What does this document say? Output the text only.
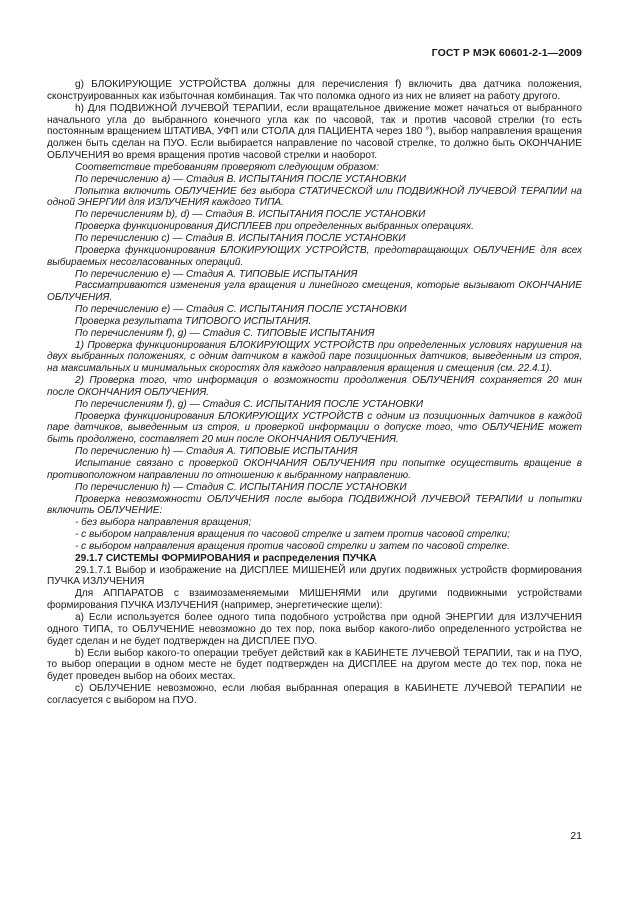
ГОСТ Р МЭК 60601-2-1—2009

g) БЛОКИРУЮЩИЕ УСТРОЙСТВА должны для перечисления f) включить два датчика положения, сконструированных как избыточная комбинация. Так что поломка одного из них не влияет на работу другого.

h) Для ПОДВИЖНОЙ ЛУЧЕВОЙ ТЕРАПИИ, если вращательное движение может начаться от выбранного начального угла до выбранного конечного угла как по часовой, так и против часовой стрелки (то есть постоянным вращением ШТАТИВА, УФП или СТОЛА для ПАЦИЕНТА через 180 °), выбор направления вращения должен быть сделан на ПУО. Если выбирается направление по часовой стрелке, то должно быть ОКОНЧАНИЕ ОБЛУЧЕНИЯ во время вращения против часовой стрелки и наоборот.

Соответствие требованиям проверяют следующим образом:

По перечислению а) — Стадия В. ИСПЫТАНИЯ ПОСЛЕ УСТАНОВКИ

Попытка включить ОБЛУЧЕНИЕ без выбора СТАТИЧЕСКОЙ или ПОДВИЖНОЙ ЛУЧЕВОЙ ТЕРАПИИ на одной ЭНЕРГИИ для ИЗЛУЧЕНИЯ каждого ТИПА.

По перечислениям b), d) — Стадия В. ИСПЫТАНИЯ ПОСЛЕ УСТАНОВКИ

Проверка функционирования ДИСПЛЕЕВ при определенных выбранных операциях.

По перечислению с) — Стадия В. ИСПЫТАНИЯ ПОСЛЕ УСТАНОВКИ

Проверка функционирования БЛОКИРУЮЩИХ УСТРОЙСТВ, предотвращающих ОБЛУЧЕНИЕ для всех выбираемых несогласованных операций.

По перечислению е) — Стадия А. ТИПОВЫЕ ИСПЫТАНИЯ

Рассматриваются изменения угла вращения и линейного смещения, которые вызывают ОКОНЧАНИЕ ОБЛУЧЕНИЯ.

По перечислению е) — Стадия С. ИСПЫТАНИЯ ПОСЛЕ УСТАНОВКИ

Проверка результата ТИПОВОГО ИСПЫТАНИЯ.

По перечислениям f), g) — Стадия С. ТИПОВЫЕ ИСПЫТАНИЯ

1) Проверка функционирования БЛОКИРУЮЩИХ УСТРОЙСТВ при определенных условиях нарушения на двух выбранных положениях, с одним датчиком в каждой паре позиционных датчиков, выведенным из строя, на максимальных и минимальных скоростях для каждого направления вращения и смещения (см. 22.4.1).

2) Проверка того, что информация о возможности продолжения ОБЛУЧЕНИЯ сохраняется 20 мин после ОКОНЧАНИЯ ОБЛУЧЕНИЯ.

По перечислениям f), g) — Стадия С. ИСПЫТАНИЯ ПОСЛЕ УСТАНОВКИ

Проверка функционирования БЛОКИРУЮЩИХ УСТРОЙСТВ с одним из позиционных датчиков в каждой паре датчиков, выведенным из строя, и проверкой информации о допуске того, что ОБЛУЧЕНИЕ может быть продолжено, составляет 20 мин после ОКОНЧАНИЯ ОБЛУЧЕНИЯ.

По перечислению h) — Стадия А. ТИПОВЫЕ ИСПЫТАНИЯ

Испытание связано с проверкой ОКОНЧАНИЯ ОБЛУЧЕНИЯ при попытке осуществить вращение в противоположном направлении по отношению к выбранному направлению.

По перечислению h) — Стадия С. ИСПЫТАНИЯ ПОСЛЕ УСТАНОВКИ

Проверка невозможности ОБЛУЧЕНИЯ после выбора ПОДВИЖНОЙ ЛУЧЕВОЙ ТЕРАПИИ и попытки включить ОБЛУЧЕНИЕ:

- без выбора направления вращения;

- с выбором направления вращения по часовой стрелке и затем против часовой стрелки;

- с выбором направления вращения против часовой стрелки и затем по часовой стрелке.

29.1.7 СИСТЕМЫ ФОРМИРОВАНИЯ и распределения ПУЧКА

29.1.7.1 Выбор и изображение на ДИСПЛЕЕ МИШЕНЕЙ или других подвижных устройств формирования ПУЧКА ИЗЛУЧЕНИЯ

Для АППАРАТОВ с взаимозаменяемыми МИШЕНЯМИ или другими подвижными устройствами формирования ПУЧКА ИЗЛУЧЕНИЯ (например, энергетические щели):

а) Если используется более одного типа подобного устройства при одной ЭНЕРГИИ для ИЗЛУЧЕНИЯ одного ТИПА, то ОБЛУЧЕНИЕ невозможно до тех пор, пока выбор какого-либо определенного устройства не будет сделан и не будет подтвержден на ДИСПЛЕЕ ПУО.

b) Если выбор какого-то операции требует действий как в КАБИНЕТЕ ЛУЧЕВОЙ ТЕРАПИИ, так и на ПУО, то выбор операции в одном месте не будет подтвержден на ДИСПЛЕЕ на другом месте до тех пор, пока не будет проведен выбор на обоих местах.

с) ОБЛУЧЕНИЕ невозможно, если любая выбранная операция в КАБИНЕТЕ ЛУЧЕВОЙ ТЕРАПИИ не согласуется с выбором на ПУО.

21
